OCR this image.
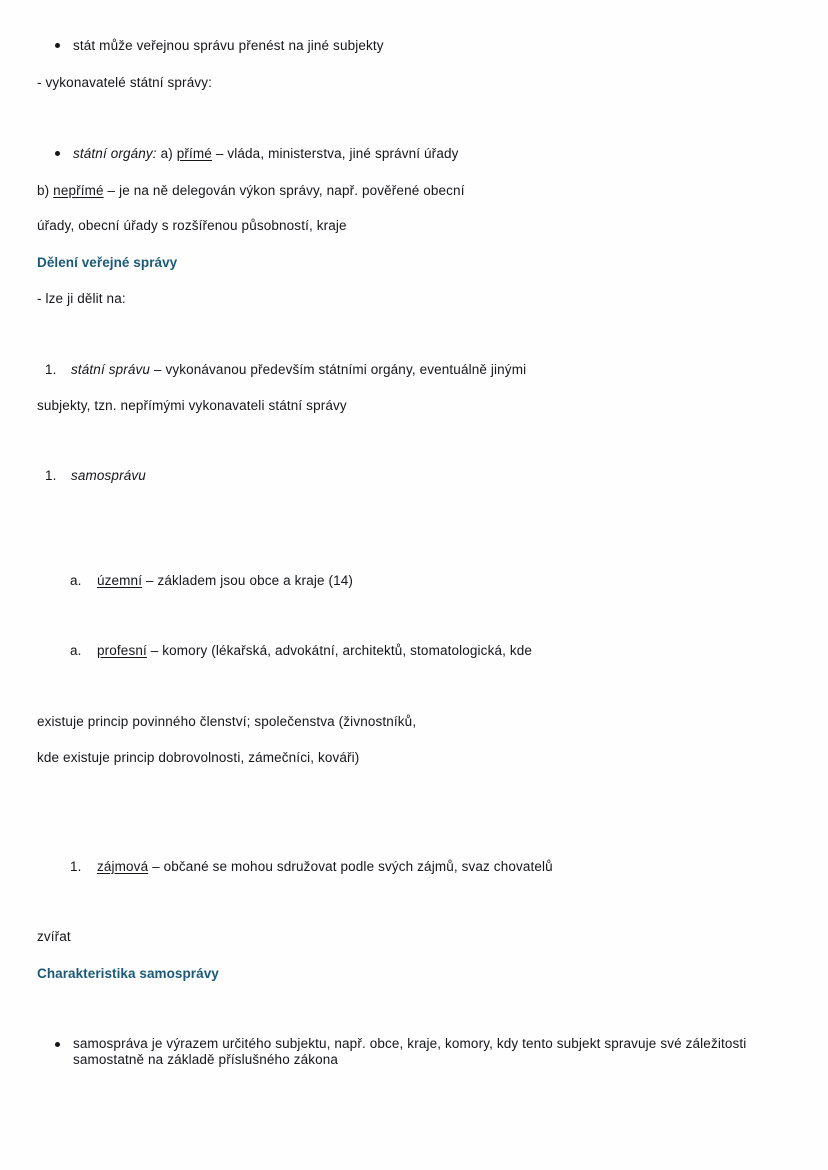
stát může veřejnou správu přenést na jiné subjekty
- vykonavatelé státní správy:
státní orgány: a) přímé – vláda, ministerstva, jiné správní úřady
b) nepřímé – je na ně delegován výkon správy, např. pověřené obecní
úřady, obecní úřady s rozšířenou působností, kraje
Dělení veřejné správy
- lze ji dělit na:
1.	státní správu – vykonávanou především státními orgány, eventuálně jinými
subjekty, tzn. nepřímými vykonavateli státní správy
1.	samosprávu
a.	územní – základem jsou obce a kraje (14)
a.	profesní – komory (lékařská, advokátní, architektů, stomatologická, kde
existuje princip povinného členství; společenstva (živnostníků,
kde existuje princip dobrovolnosti, zámečníci, kováři)
1.	zájmová – občané se mohou sdružovat podle svých zájmů, svaz chovatelů
zvířat
Charakteristika samosprávy
samospráva je výrazem určitého subjektu, např. obce, kraje, komory, kdy tento subjekt spravuje své záležitosti
samostatně na základě příslušného zákona
